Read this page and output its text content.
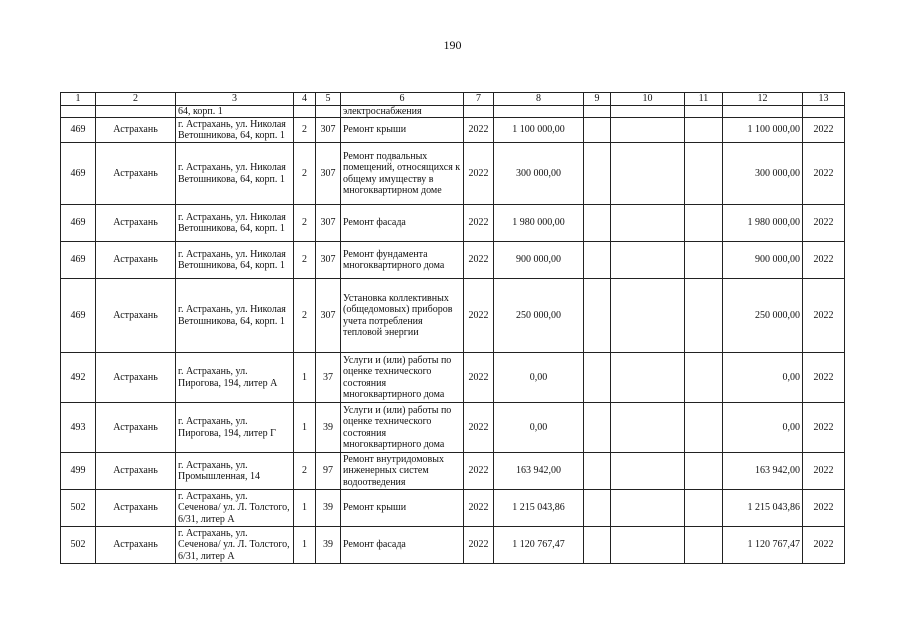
190
1	2	3	4	5	6	7	8	9	10	11	12	13
		64, корп. 1			электроснабжения							
469	Астрахань	г. Астрахань, ул. Николая Ветошникова, 64, корп. 1	2	307	Ремонт крыши	2022	1 100 000,00				1 100 000,00	2022
469	Астрахань	г. Астрахань, ул. Николая Ветошникова, 64, корп. 1	2	307	Ремонт подвальных помещений, относящихся к общему имуществу в многоквартирном доме	2022	300 000,00				300 000,00	2022
469	Астрахань	г. Астрахань, ул. Николая Ветошникова, 64, корп. 1	2	307	Ремонт фасада	2022	1 980 000,00				1 980 000,00	2022
469	Астрахань	г. Астрахань, ул. Николая Ветошникова, 64, корп. 1	2	307	Ремонт фундамента многоквартирного дома	2022	900 000,00				900 000,00	2022
469	Астрахань	г. Астрахань, ул. Николая Ветошникова, 64, корп. 1	2	307	Установка коллективных (общедомовых) приборов учета потребления тепловой энергии	2022	250 000,00				250 000,00	2022
492	Астрахань	г. Астрахань, ул. Пирогова, 194, литер А	1	37	Услуги и (или) работы по оценке технического состояния многоквартирного дома	2022	0,00				0,00	2022
493	Астрахань	г. Астрахань, ул. Пирогова, 194, литер Г	1	39	Услуги и (или) работы по оценке технического состояния многоквартирного дома	2022	0,00				0,00	2022
499	Астрахань	г. Астрахань, ул. Промышленная, 14	2	97	Ремонт внутридомовых инженерных систем водоотведения	2022	163 942,00				163 942,00	2022
502	Астрахань	г. Астрахань, ул. Сеченова/ ул. Л. Толстого, 6/31, литер А	1	39	Ремонт крыши	2022	1 215 043,86				1 215 043,86	2022
502	Астрахань	г. Астрахань, ул. Сеченова/ ул. Л. Толстого, 6/31, литер А	1	39	Ремонт фасада	2022	1 120 767,47				1 120 767,47	2022
